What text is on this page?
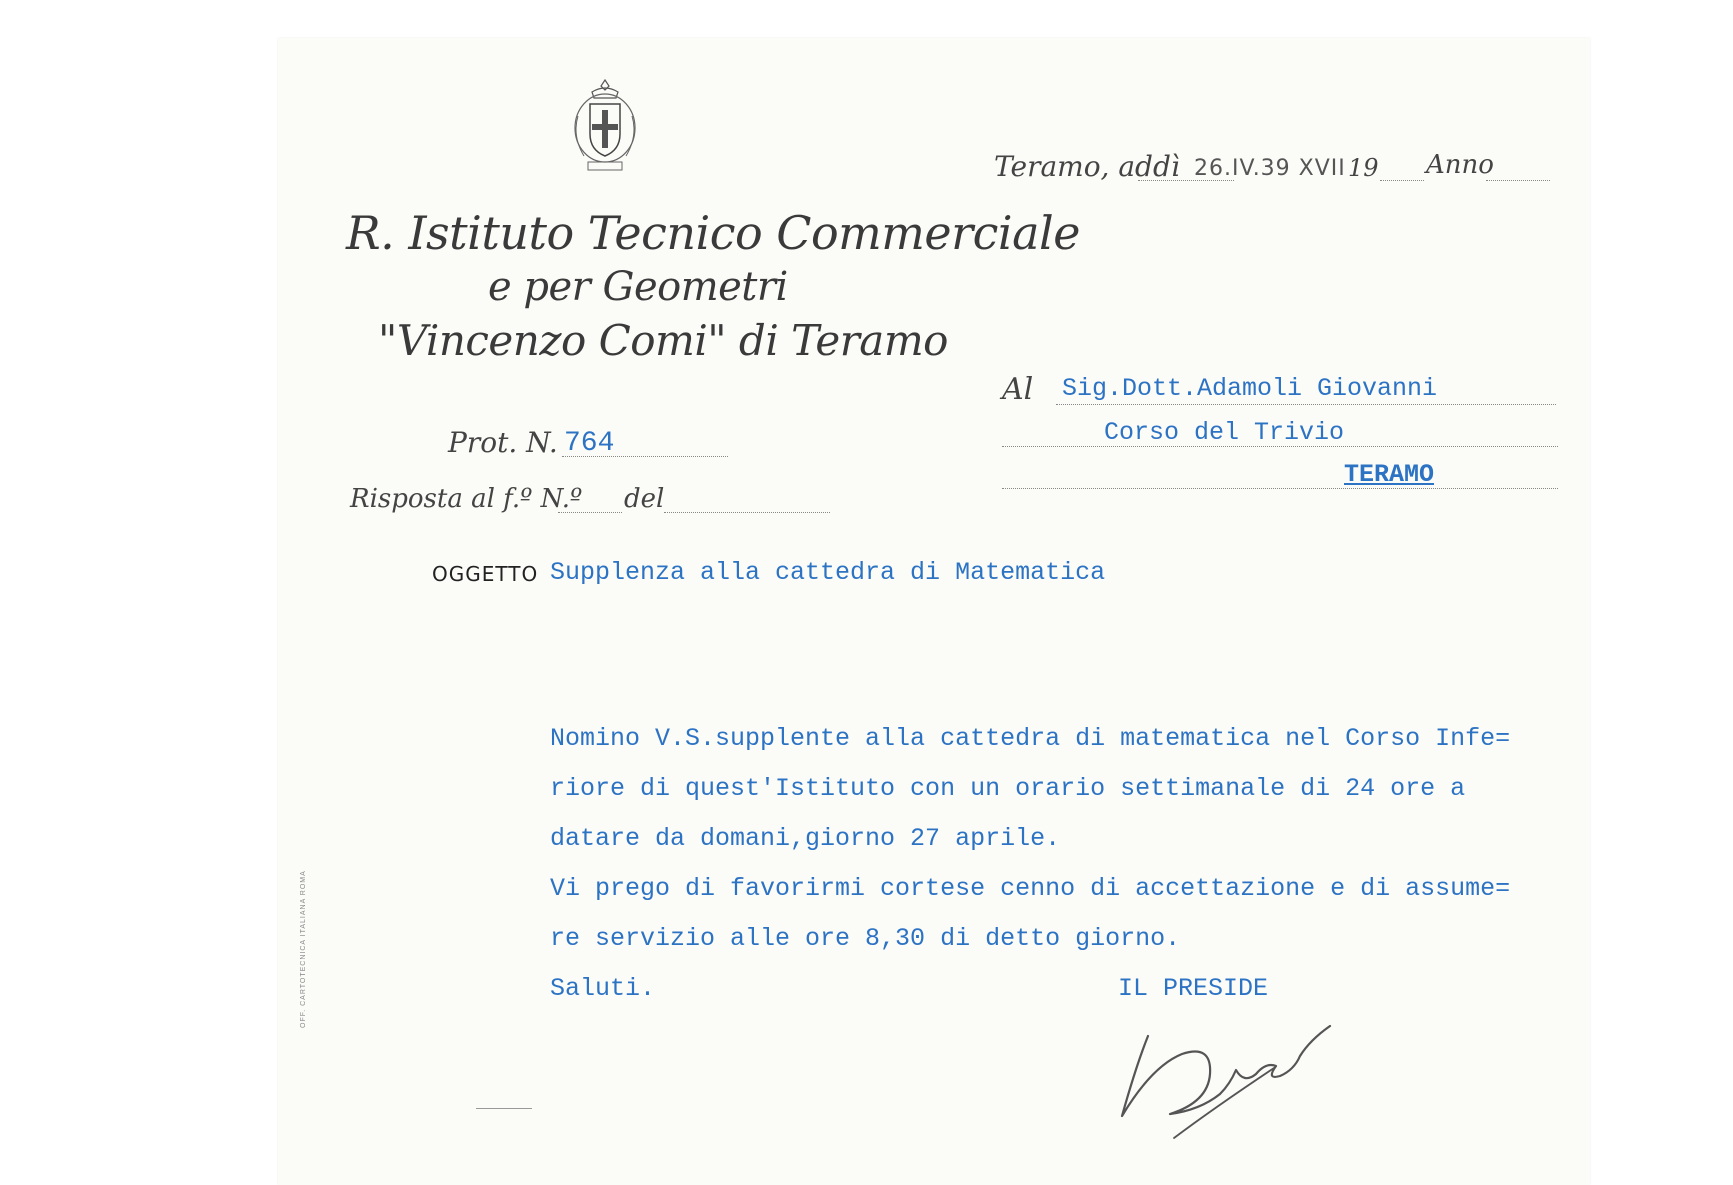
R. Istituto Tecnico Commerciale
e per Geometri
"Vincenzo Comi" di Teramo
Teramo, addì 26.IV.39 XVII 19 Anno
Prot. N. 764
Risposta al f.º N.º del
Al Sig.Dott.Adamoli Giovanni
Corso del Trivio
TERAMO
OGGETTO Supplenza alla cattedra di Matematica
Nomino V.S.supplente alla cattedra di matematica nel Corso Infe=
riore di quest'Istituto con un orario settimanale di 24 ore a
datare da domani,giorno 27 aprile.
Vi prego di favorirmi cortese cenno di accettazione e di assume=
re servizio alle ore 8,30 di detto giorno.
Saluti.	IL PRESIDE
OFF. CARTOTECNICA ITALIANA ROMA
